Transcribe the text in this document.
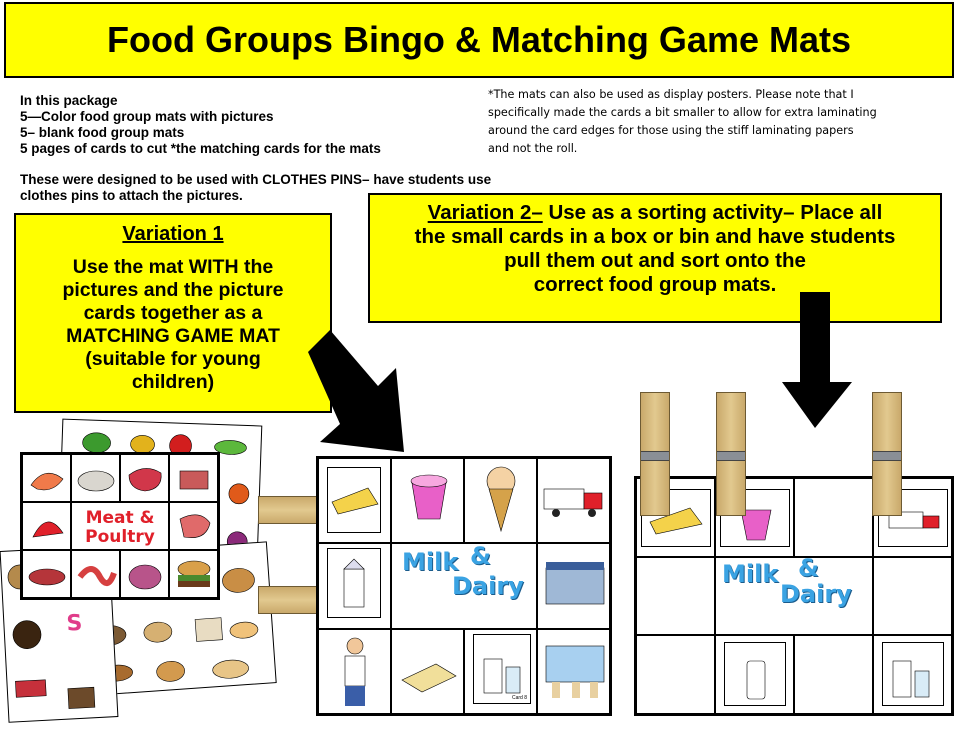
Food Groups Bingo & Matching Game Mats
In this package
5—Color food group mats with pictures
5– blank food group mats
5 pages of cards to cut *the matching cards for the mats
These were designed to be used with CLOTHES PINS– have students use
clothes pins to attach the pictures.
*The mats can also be used as display posters. Please note that I
specifically made the cards a bit smaller to allow for extra laminating
around the card edges for those using the stiff laminating papers
and not the roll.
Variation 1
Use the mat WITH the
pictures and the picture
cards together as a
MATCHING GAME MAT
(suitable for young
children)
Variation 2– Use as a sorting activity– Place all
the small cards in a box or bin and have students
pull them out and sort onto the
correct food group mats.
S
Meat &
Poultry
Milk &
Dairy
Card 8
Milk &
Dairy
